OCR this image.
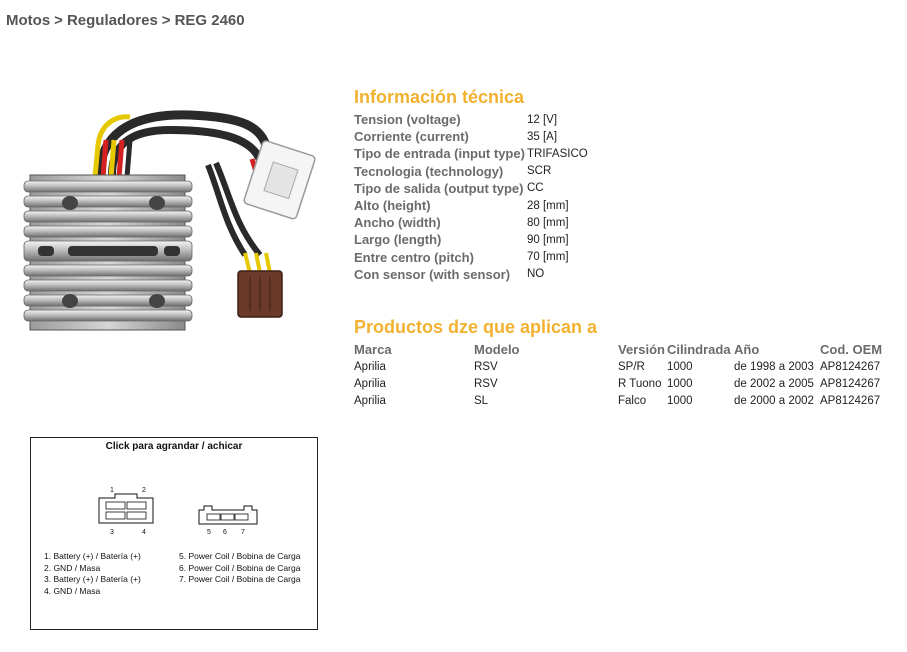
Motos > Reguladores > REG 2460
Información técnica
Tension (voltage)	12 [V]
Corriente (current)	35 [A]
Tipo de entrada (input type)	TRIFASICO
Tecnologia (technology)	SCR
Tipo de salida (output type)	CC
Alto (height)	28 [mm]
Ancho (width)	80 [mm]
Largo (length)	90 [mm]
Entre centro (pitch)	70 [mm]
Con sensor (with sensor)	NO
Productos dze que aplican a
Marca	Modelo	Versión	Cilindrada	Año	Cod. OEM
Aprilia	RSV	SP/R	1000	de 1998 a 2003	AP8124267
Aprilia	RSV	R Tuono	1000	de 2002 a 2005	AP8124267
Aprilia	SL	Falco	1000	de 2000 a 2002	AP8124267
Click para agrandar / achicar
1	2
3	4	5 6 7
1. Battery (+) / Batería (+)
2. GND / Masa
3. Battery (+) / Batería (+)
4. GND / Masa
5. Power Coil / Bobina de Carga
6. Power Coil / Bobina de Carga
7. Power Coil / Bobina de Carga
